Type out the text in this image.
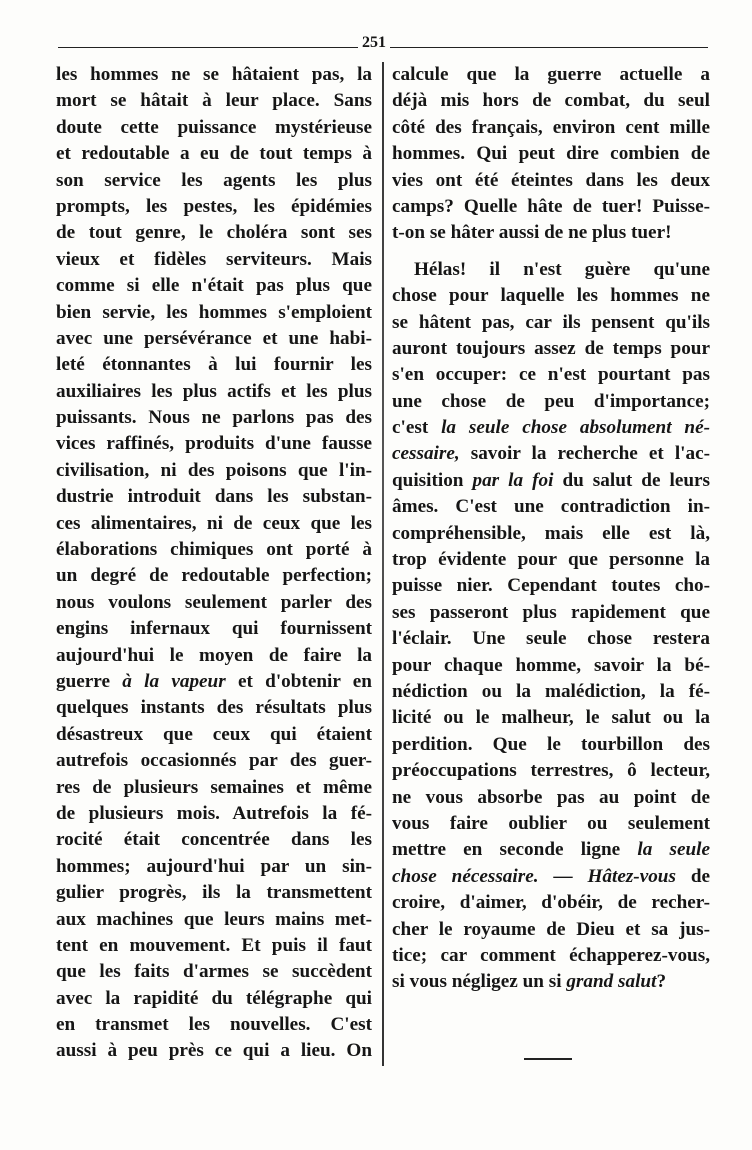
251
les hommes ne se hâtaient pas, la
mort se hâtait à leur place. Sans
doute cette puissance mystérieuse
et redoutable a eu de tout temps à
son service les agents les plus
prompts, les pestes, les épidémies
de tout genre, le choléra sont ses
vieux et fidèles serviteurs. Mais
comme si elle n'était pas plus que
bien servie, les hommes s'emploient
avec une persévérance et une habi-
leté étonnantes à lui fournir les
auxiliaires les plus actifs et les plus
puissants. Nous ne parlons pas des
vices raffinés, produits d'une fausse
civilisation, ni des poisons que l'in-
dustrie introduit dans les substan-
ces alimentaires, ni de ceux que les
élaborations chimiques ont porté à
un degré de redoutable perfection;
nous voulons seulement parler des
engins infernaux qui fournissent
aujourd'hui le moyen de faire la
guerre à la vapeur et d'obtenir en
quelques instants des résultats plus
désastreux que ceux qui étaient
autrefois occasionnés par des guer-
res de plusieurs semaines et même
de plusieurs mois. Autrefois la fé-
rocité était concentrée dans les
hommes; aujourd'hui par un sin-
gulier progrès, ils la transmettent
aux machines que leurs mains met-
tent en mouvement. Et puis il faut
que les faits d'armes se succèdent
avec la rapidité du télégraphe qui
en transmet les nouvelles. C'est
aussi à peu près ce qui a lieu. On
calcule que la guerre actuelle a
déjà mis hors de combat, du seul
côté des français, environ cent mille
hommes. Qui peut dire combien de
vies ont été éteintes dans les deux
camps? Quelle hâte de tuer! Puisse-
t-on se hâter aussi de ne plus tuer!
Hélas! il n'est guère qu'une
chose pour laquelle les hommes ne
se hâtent pas, car ils pensent qu'ils
auront toujours assez de temps pour
s'en occuper: ce n'est pourtant pas
une chose de peu d'importance;
c'est la seule chose absolument né-
cessaire, savoir la recherche et l'ac-
quisition par la foi du salut de leurs
âmes. C'est une contradiction in-
compréhensible, mais elle est là,
trop évidente pour que personne la
puisse nier. Cependant toutes cho-
ses passeront plus rapidement que
l'éclair. Une seule chose restera
pour chaque homme, savoir la bé-
nédiction ou la malédiction, la fé-
licité ou le malheur, le salut ou la
perdition. Que le tourbillon des
préoccupations terrestres, ô lecteur,
ne vous absorbe pas au point de
vous faire oublier ou seulement
mettre en seconde ligne la seule
chose nécessaire. — Hâtez-vous de
croire, d'aimer, d'obéir, de recher-
cher le royaume de Dieu et sa jus-
tice; car comment échapperez-vous,
si vous négligez un si grand salut?
